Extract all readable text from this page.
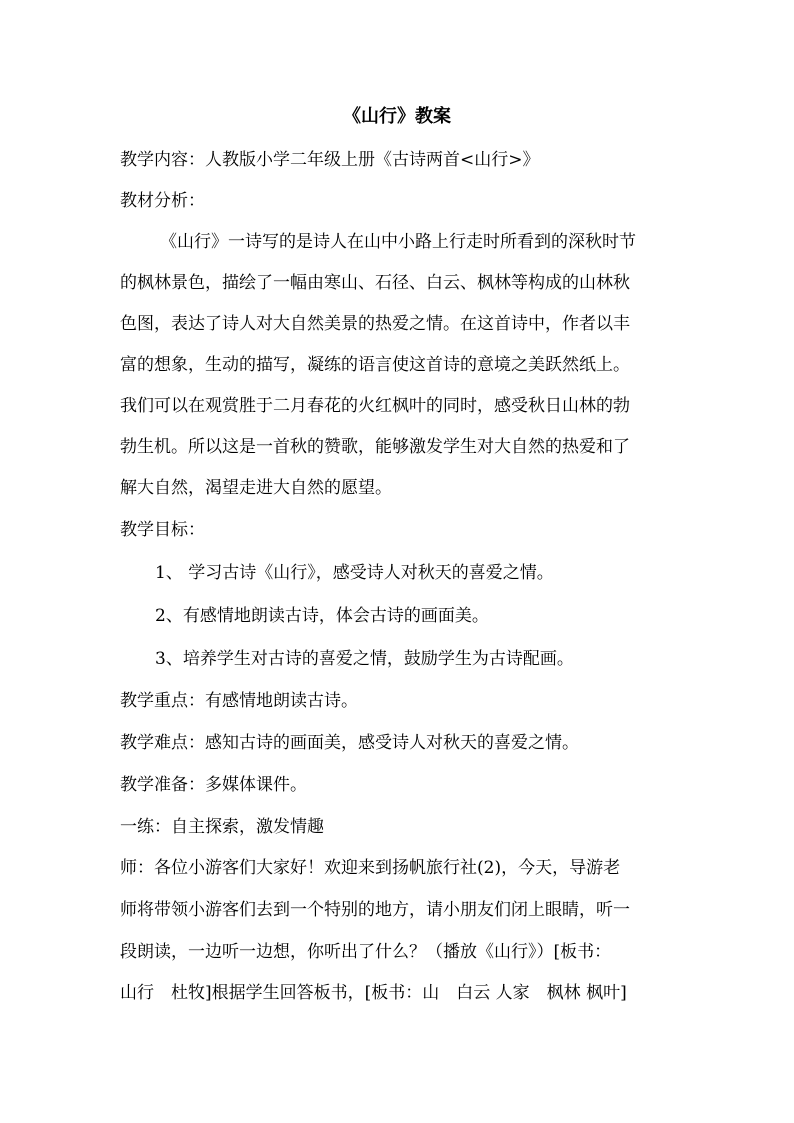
《山行》教案
教学内容：人教版小学二年级上册《古诗两首<山行>》
教材分析：
《山行》一诗写的是诗人在山中小路上行走时所看到的深秋时节
的枫林景色，描绘了一幅由寒山、石径、白云、枫林等构成的山林秋
色图，表达了诗人对大自然美景的热爱之情。在这首诗中，作者以丰
富的想象，生动的描写，凝练的语言使这首诗的意境之美跃然纸上。
我们可以在观赏胜于二月春花的火红枫叶的同时，感受秋日山林的勃
勃生机。所以这是一首秋的赞歌，能够激发学生对大自然的热爱和了
解大自然，渴望走进大自然的愿望。
教学目标：
1、 学习古诗《山行》，感受诗人对秋天的喜爱之情。
2、有感情地朗读古诗，体会古诗的画面美。
3、培养学生对古诗的喜爱之情，鼓励学生为古诗配画。
教学重点：有感情地朗读古诗。
教学难点：感知古诗的画面美，感受诗人对秋天的喜爱之情。
教学准备：多媒体课件。
一练：自主探索，激发情趣
师：各位小游客们大家好！欢迎来到扬帆旅行社(2)，今天，导游老
师将带领小游客们去到一个特别的地方，请小朋友们闭上眼睛，听一
段朗读，一边听一边想，你听出了什么？（播放《山行》）[板书：
山行　杜牧]根据学生回答板书，[板书：山　白云 人家　枫林 枫叶]
